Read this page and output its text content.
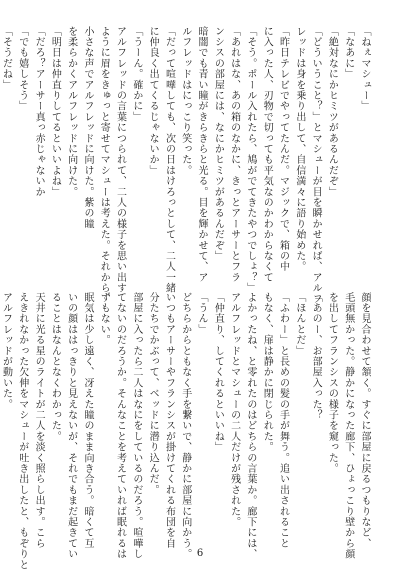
「ねぇマシュー」
「なあに」
「絶対なにかヒミツがあるんだぞ」
「どういうこと？」とマシューが目を瞬かせれば、アルフ
レッドは身を乗り出して、自信満々に語り始めた。
「昨日テレビでやってたんだ。マジックで、箱の中
に入った人、刃物で切っても平気なのかわからなくて
「そう。ポール入れたら、鳩がでてきたやつでしょ？」
「あれはな、あの箱のなかに、きっとアーサーとフラ
ンシスの部屋には、なにかヒミツがあるんだぞ」
暗闇でも青い瞳がきらきらと光る。目を輝かせて、ア
ルフレッドはにっこり笑った。
「だって喧嘩しても、次の日はけろっとして、二人一緒
に仲良く出てくるじゃないか」
「うーん。確かに」
アルフレッドの言葉につられて、二人の様子を思い出す
ように眉をきゅっと寄せてマシューは考えた。それから、
小さな声でアルフレッドに向けた。紫の瞳
を柔らかくアルフレッドに向けた。
「明日は仲直りしてるといいよね」
「だろ？アーサー真っ赤じゃないか
「でも嬉しそう」
「そうだね」
顔を見合わせて頷く。すぐに部屋に戻るつもりなど、
毛頭無かった。静かになった廊下、ひょっこり壁から顔
を出してフランシスの様子を窺った。
「あのー、お部屋入った？
「ほんとだ」
「ふわー」と長めの髪の手が舞う。追い出されること
もなく、扉は静かに閉じられた。
よかったね、と零れたのはどちらの言葉か。廊下には、
アルフレッドとマシューの二人だけが残された。
「仲直り、してくれるといいね」
「うん」
どちらからともなく手を繋いで、静かに部屋に向かう。
いつもアーサーやフランシスが掛けてくれる布団を自
分たちでかぶって、ベッドに潜り込んだ。
部屋に入ったら二人はなにをしているのだろう。喧嘩し
てないのだろうか。そんなことを考えていれば眠れるは
ずもない。
眠気は少し遠く、冴えた瞳のまま向き合う。暗くて互
いの顔ははっきりと見えないが、それでもまだ起きてい
ることはなんとなくわかった。
天井に光る星のライトが二人を淡く照らし出す。こら
えきれなかった欠伸をマシューが吐き出したと、もぞりと
アルフレッドが動いた。
6
